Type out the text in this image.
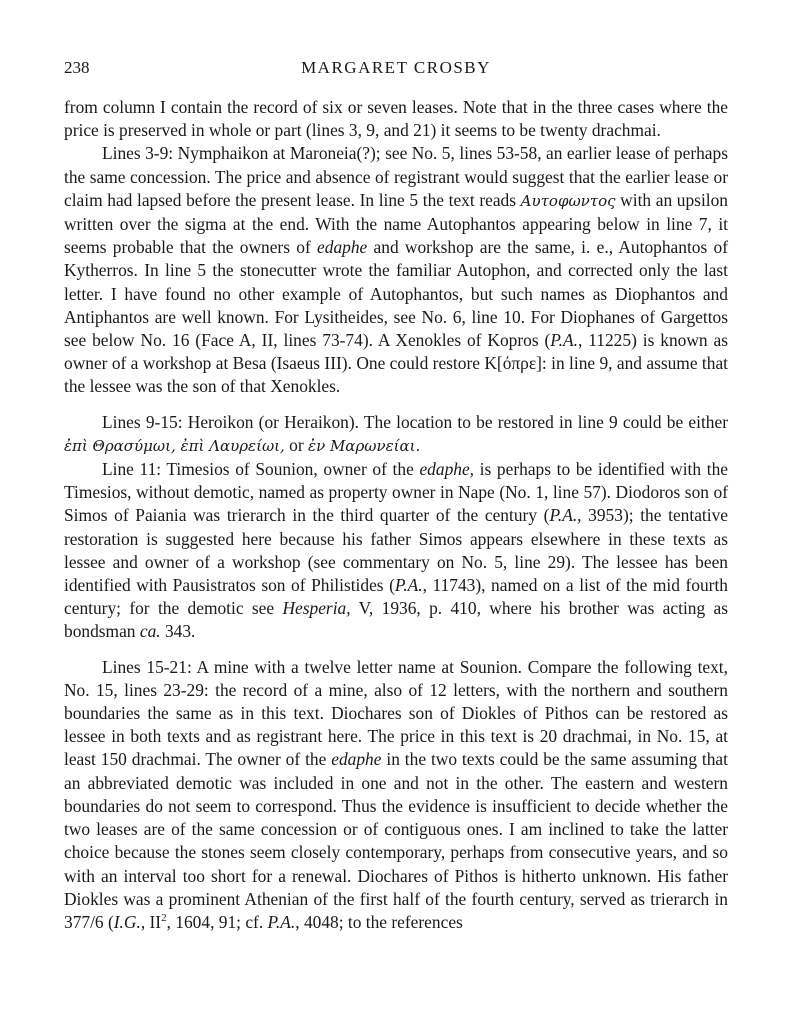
238	MARGARET CROSBY

from column I contain the record of six or seven leases. Note that in the three cases where the price is preserved in whole or part (lines 3, 9, and 21) it seems to be twenty drachmai.

Lines 3-9: Nymphaikon at Maroneia(?); see No. 5, lines 53-58, an earlier lease of perhaps the same concession. The price and absence of registrant would suggest that the earlier lease or claim had lapsed before the present lease. In line 5 the text reads Αυτοφωντος with an upsilon written over the sigma at the end. With the name Autophantos appearing below in line 7, it seems probable that the owners of edaphe and workshop are the same, i. e., Autophantos of Kytherros. In line 5 the stonecutter wrote the familiar Autophon, and corrected only the last letter. I have found no other example of Autophantos, but such names as Diophantos and Antiphantos are well known. For Lysitheides, see No. 6, line 10. For Diophanes of Gargettos see below No. 16 (Face A, II, lines 73-74). A Xenokles of Kopros (P.A., 11225) is known as owner of a workshop at Besa (Isaeus III). One could restore Κ[όπρε]: in line 9, and assume that the lessee was the son of that Xenokles.

Lines 9-15: Heroikon (or Heraikon). The location to be restored in line 9 could be either ἐπὶ Θρασύμωι, ἐπὶ Λαυρείωι, or ἐν Μαρωνείαι.

Line 11: Timesios of Sounion, owner of the edaphe, is perhaps to be identified with the Timesios, without demotic, named as property owner in Nape (No. 1, line 57). Diodoros son of Simos of Paiania was trierarch in the third quarter of the century (P.A., 3953); the tentative restoration is suggested here because his father Simos appears elsewhere in these texts as lessee and owner of a workshop (see commentary on No. 5, line 29). The lessee has been identified with Pausistratos son of Philistides (P.A., 11743), named on a list of the mid fourth century; for the demotic see Hesperia, V, 1936, p. 410, where his brother was acting as bondsman ca. 343.

Lines 15-21: A mine with a twelve letter name at Sounion. Compare the following text, No. 15, lines 23-29: the record of a mine, also of 12 letters, with the northern and southern boundaries the same as in this text. Diochares son of Diokles of Pithos can be restored as lessee in both texts and as registrant here. The price in this text is 20 drachmai, in No. 15, at least 150 drachmai. The owner of the edaphe in the two texts could be the same assuming that an abbreviated demotic was included in one and not in the other. The eastern and western boundaries do not seem to correspond. Thus the evidence is insufficient to decide whether the two leases are of the same concession or of contiguous ones. I am inclined to take the latter choice because the stones seem closely contemporary, perhaps from consecutive years, and so with an interval too short for a renewal. Diochares of Pithos is hitherto unknown. His father Diokles was a prominent Athenian of the first half of the fourth century, served as trierarch in 377/6 (I.G., $II^2$, 1604, 91; cf. P.A., 4048; to the references
